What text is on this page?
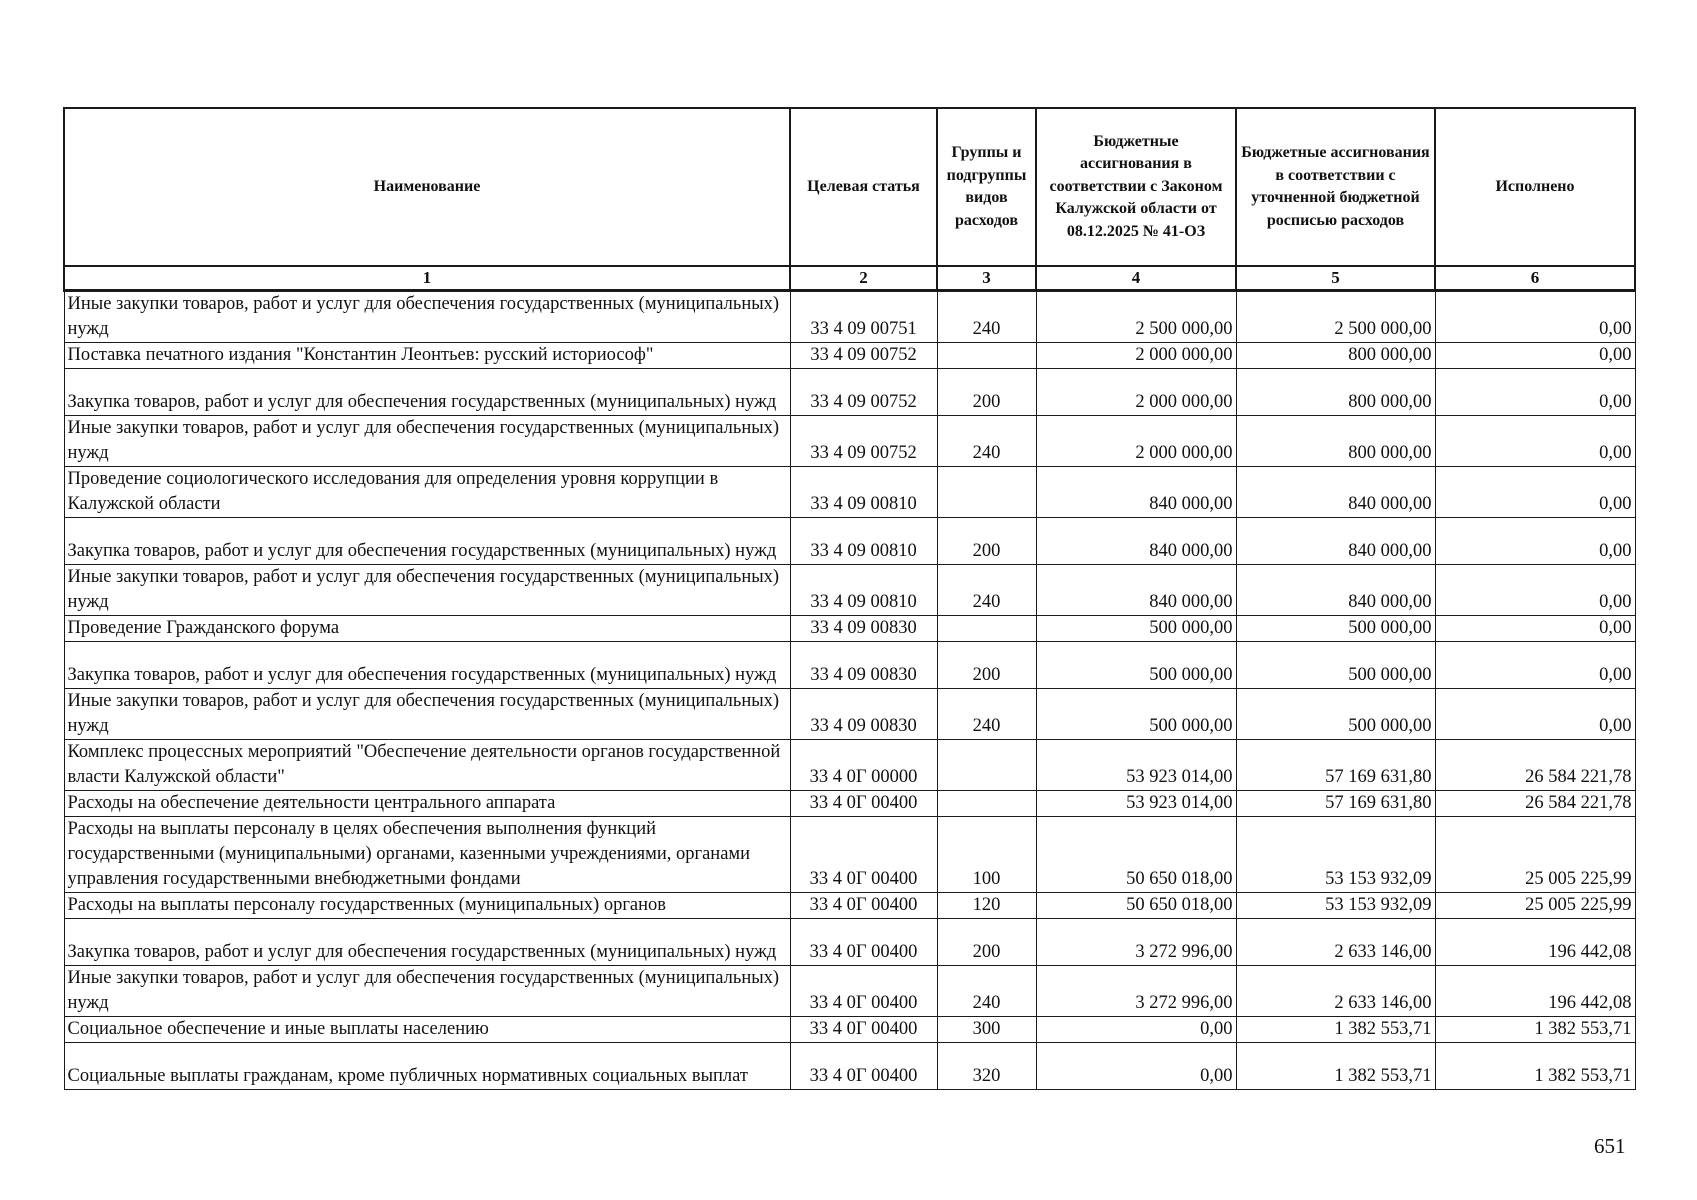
Наименование	Целевая статья	Группы и подгруппы видов расходов	Бюджетные ассигнования в соответствии с Законом Калужской области от 08.12.2025 № 41-ОЗ	Бюджетные ассигнования в соответствии с уточненной бюджетной росписью расходов	Исполнено
1	2	3	4	5	6
Иные закупки товаров, работ и услуг для обеспечения государственных (муниципальных) нужд	33 4 09 00751	240	2 500 000,00	2 500 000,00	0,00
Поставка печатного издания "Константин Леонтьев: русский историософ"	33 4 09 00752		2 000 000,00	800 000,00	0,00
Закупка товаров, работ и услуг для обеспечения государственных (муниципальных) нужд	33 4 09 00752	200	2 000 000,00	800 000,00	0,00
Иные закупки товаров, работ и услуг для обеспечения государственных (муниципальных) нужд	33 4 09 00752	240	2 000 000,00	800 000,00	0,00
Проведение социологического исследования для определения уровня коррупции в Калужской области	33 4 09 00810		840 000,00	840 000,00	0,00
Закупка товаров, работ и услуг для обеспечения государственных (муниципальных) нужд	33 4 09 00810	200	840 000,00	840 000,00	0,00
Иные закупки товаров, работ и услуг для обеспечения государственных (муниципальных) нужд	33 4 09 00810	240	840 000,00	840 000,00	0,00
Проведение Гражданского форума	33 4 09 00830		500 000,00	500 000,00	0,00
Закупка товаров, работ и услуг для обеспечения государственных (муниципальных) нужд	33 4 09 00830	200	500 000,00	500 000,00	0,00
Иные закупки товаров, работ и услуг для обеспечения государственных (муниципальных) нужд	33 4 09 00830	240	500 000,00	500 000,00	0,00
Комплекс процессных мероприятий "Обеспечение деятельности органов государственной власти Калужской области"	33 4 0Г 00000		53 923 014,00	57 169 631,80	26 584 221,78
Расходы на обеспечение деятельности центрального аппарата	33 4 0Г 00400		53 923 014,00	57 169 631,80	26 584 221,78
Расходы на выплаты персоналу в целях обеспечения выполнения функций государственными (муниципальными) органами, казенными учреждениями, органами управления государственными внебюджетными фондами	33 4 0Г 00400	100	50 650 018,00	53 153 932,09	25 005 225,99
Расходы на выплаты персоналу государственных (муниципальных) органов	33 4 0Г 00400	120	50 650 018,00	53 153 932,09	25 005 225,99
Закупка товаров, работ и услуг для обеспечения государственных (муниципальных) нужд	33 4 0Г 00400	200	3 272 996,00	2 633 146,00	196 442,08
Иные закупки товаров, работ и услуг для обеспечения государственных (муниципальных) нужд	33 4 0Г 00400	240	3 272 996,00	2 633 146,00	196 442,08
Социальное обеспечение и иные выплаты населению	33 4 0Г 00400	300	0,00	1 382 553,71	1 382 553,71
Социальные выплаты гражданам, кроме публичных нормативных социальных выплат	33 4 0Г 00400	320	0,00	1 382 553,71	1 382 553,71
651
